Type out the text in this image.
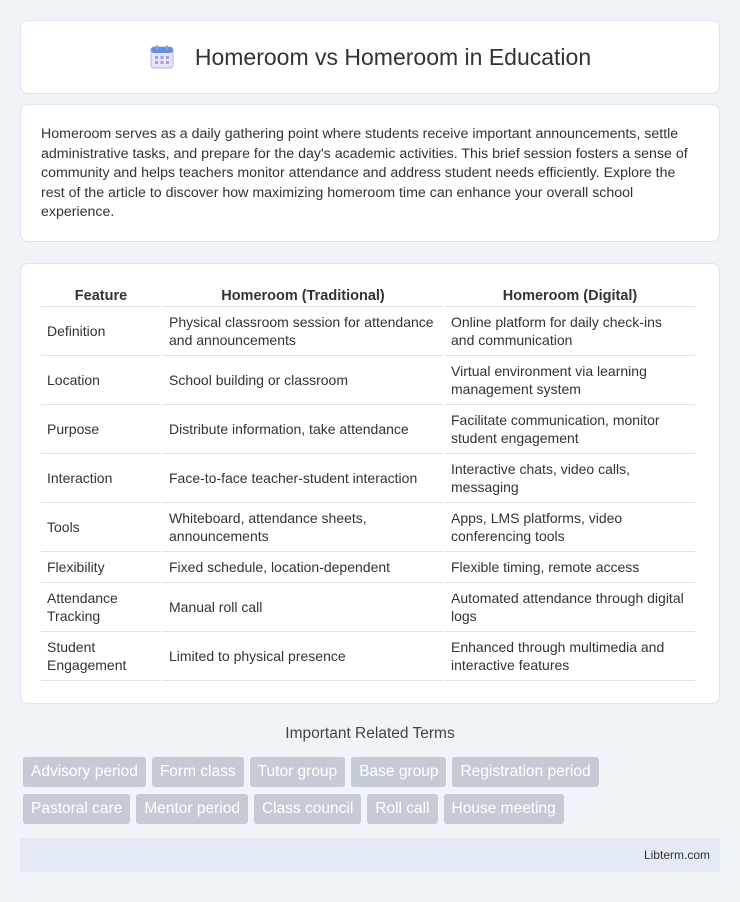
Homeroom vs Homeroom in Education

Homeroom serves as a daily gathering point where students receive important announcements, settle administrative tasks, and prepare for the day's academic activities. This brief session fosters a sense of community and helps teachers monitor attendance and address student needs efficiently. Explore the rest of the article to discover how maximizing homeroom time can enhance your overall school experience.

Feature	Homeroom (Traditional)	Homeroom (Digital)
Definition	Physical classroom session for attendance and announcements	Online platform for daily check-ins and communication
Location	School building or classroom	Virtual environment via learning management system
Purpose	Distribute information, take attendance	Facilitate communication, monitor student engagement
Interaction	Face-to-face teacher-student interaction	Interactive chats, video calls, messaging
Tools	Whiteboard, attendance sheets, announcements	Apps, LMS platforms, video conferencing tools
Flexibility	Fixed schedule, location-dependent	Flexible timing, remote access
Attendance Tracking	Manual roll call	Automated attendance through digital logs
Student Engagement	Limited to physical presence	Enhanced through multimedia and interactive features
Important Related Terms
Advisory period	Form class	Tutor group	Base group	Registration period
Pastoral care	Mentor period	Class council	Roll call	House meeting
Libterm.com
